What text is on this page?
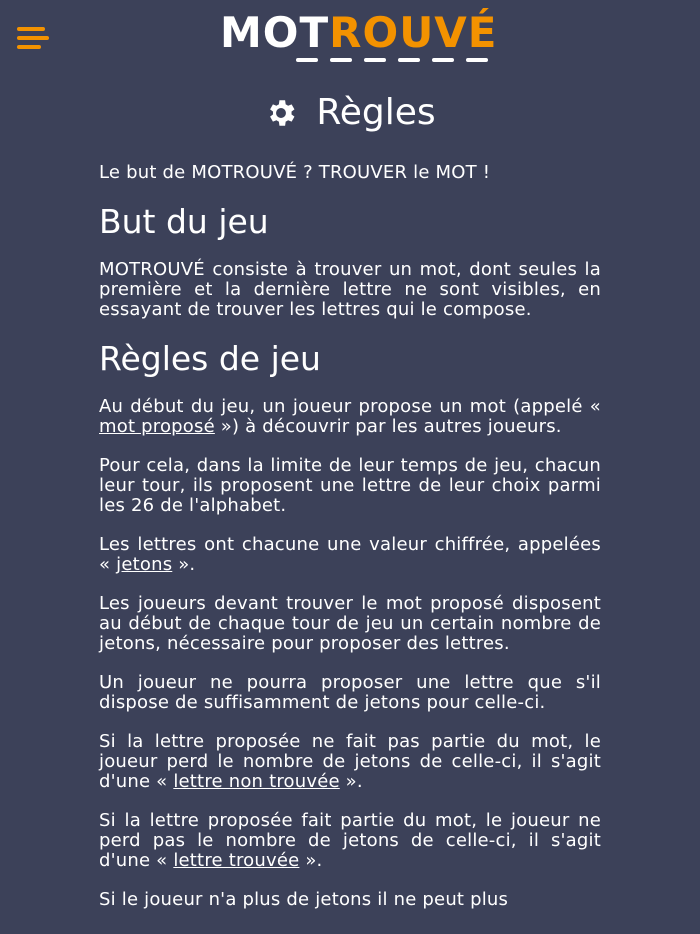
MOTROUVÉ
Règles

Le but de MOTROUVÉ ? TROUVER le MOT !

But du jeu

MOTROUVÉ consiste à trouver un mot, dont seules la première et la dernière lettre ne sont visibles, en essayant de trouver les lettres qui le compose.

Règles de jeu

Au début du jeu, un joueur propose un mot (appelé « mot proposé ») à découvrir par les autres joueurs.

Pour cela, dans la limite de leur temps de jeu, chacun leur tour, ils proposent une lettre de leur choix parmi les 26 de l'alphabet.

Les lettres ont chacune une valeur chiffrée, appelées « jetons ».

Les joueurs devant trouver le mot proposé disposent au début de chaque tour de jeu un certain nombre de jetons, nécessaire pour proposer des lettres.

Un joueur ne pourra proposer une lettre que s'il dispose de suffisamment de jetons pour celle-ci.

Si la lettre proposée ne fait pas partie du mot, le joueur perd le nombre de jetons de celle-ci, il s'agit d'une « lettre non trouvée ».

Si la lettre proposée fait partie du mot, le joueur ne perd pas le nombre de jetons de celle-ci, il s'agit d'une « lettre trouvée ».

Si le joueur n'a plus de jetons il ne peut plus
